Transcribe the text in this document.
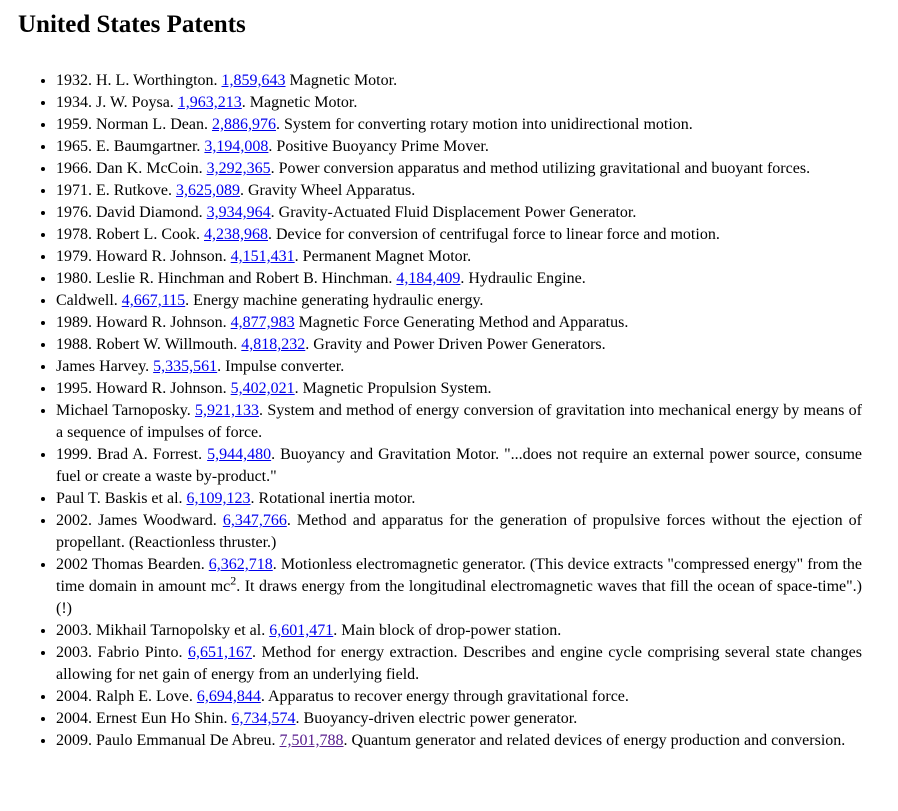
United States Patents
• 1932. H. L. Worthington. 1,859,643 Magnetic Motor.
• 1934. J. W. Poysa. 1,963,213. Magnetic Motor.
• 1959. Norman L. Dean. 2,886,976. System for converting rotary motion into unidirectional motion.
• 1965. E. Baumgartner. 3,194,008. Positive Buoyancy Prime Mover.
• 1966. Dan K. McCoin. 3,292,365. Power conversion apparatus and method utilizing gravitational and buoyant forces.
• 1971. E. Rutkove. 3,625,089. Gravity Wheel Apparatus.
• 1976. David Diamond. 3,934,964. Gravity-Actuated Fluid Displacement Power Generator.
• 1978. Robert L. Cook. 4,238,968. Device for conversion of centrifugal force to linear force and motion.
• 1979. Howard R. Johnson. 4,151,431. Permanent Magnet Motor.
• 1980. Leslie R. Hinchman and Robert B. Hinchman. 4,184,409. Hydraulic Engine.
• Caldwell. 4,667,115. Energy machine generating hydraulic energy.
• 1989. Howard R. Johnson. 4,877,983 Magnetic Force Generating Method and Apparatus.
• 1988. Robert W. Willmouth. 4,818,232. Gravity and Power Driven Power Generators.
• James Harvey. 5,335,561. Impulse converter.
• 1995. Howard R. Johnson. 5,402,021. Magnetic Propulsion System.
• Michael Tarnoposky. 5,921,133. System and method of energy conversion of gravitation into mechanical energy by means of a sequence of impulses of force.
• 1999. Brad A. Forrest. 5,944,480. Buoyancy and Gravitation Motor. "...does not require an external power source, consume fuel or create a waste by-product."
• Paul T. Baskis et al. 6,109,123. Rotational inertia motor.
• 2002. James Woodward. 6,347,766. Method and apparatus for the generation of propulsive forces without the ejection of propellant. (Reactionless thruster.)
• 2002 Thomas Bearden. 6,362,718. Motionless electromagnetic generator. (This device extracts "compressed energy" from the time domain in amount $mc^2$. It draws energy from the longitudinal electromagnetic waves that fill the ocean of space-time".) (!)
• 2003. Mikhail Tarnopolsky et al. 6,601,471. Main block of drop-power station.
• 2003. Fabrio Pinto. 6,651,167. Method for energy extraction. Describes and engine cycle comprising several state changes allowing for net gain of energy from an underlying field.
• 2004. Ralph E. Love. 6,694,844. Apparatus to recover energy through gravitational force.
• 2004. Ernest Eun Ho Shin. 6,734,574. Buoyancy-driven electric power generator.
• 2009. Paulo Emmanual De Abreu. 7,501,788. Quantum generator and related devices of energy production and conversion.
